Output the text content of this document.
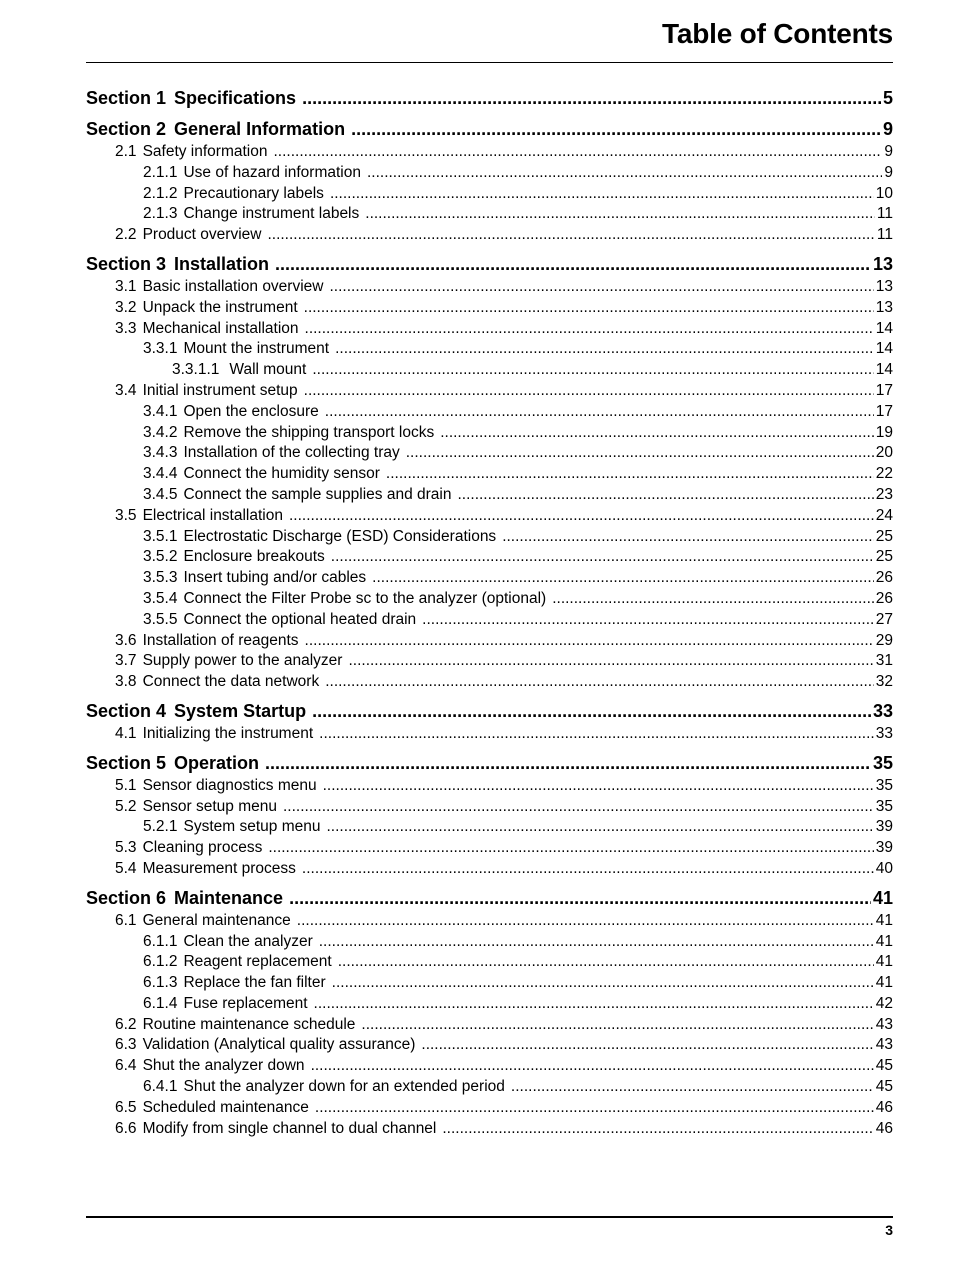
Table of Contents
Section 1 Specifications .....	5
Section 2 General Information .....	9
2.1 Safety information .....	9
2.1.1 Use of hazard information .....	9
2.1.2 Precautionary labels .....	10
2.1.3 Change instrument labels .....	11
2.2 Product overview .....	11
Section 3 Installation .....	13
3.1 Basic installation overview .....	13
3.2 Unpack the instrument .....	13
3.3 Mechanical installation .....	14
3.3.1 Mount the instrument .....	14
3.3.1.1 Wall mount .....	14
3.4 Initial instrument setup .....	17
3.4.1 Open the enclosure .....	17
3.4.2 Remove the shipping transport locks .....	19
3.4.3 Installation of the collecting tray .....	20
3.4.4 Connect the humidity sensor .....	22
3.4.5 Connect the sample supplies and drain .....	23
3.5 Electrical installation .....	24
3.5.1 Electrostatic Discharge (ESD) Considerations .....	25
3.5.2 Enclosure breakouts .....	25
3.5.3 Insert tubing and/or cables .....	26
3.5.4 Connect the Filter Probe sc to the analyzer (optional) .....	26
3.5.5 Connect the optional heated drain .....	27
3.6 Installation of reagents .....	29
3.7 Supply power to the analyzer .....	31
3.8 Connect the data network .....	32
Section 4 System Startup .....	33
4.1 Initializing the instrument .....	33
Section 5 Operation .....	35
5.1 Sensor diagnostics menu .....	35
5.2 Sensor setup menu .....	35
5.2.1 System setup menu .....	39
5.3 Cleaning process .....	39
5.4 Measurement process .....	40
Section 6 Maintenance .....	41
6.1 General maintenance .....	41
6.1.1 Clean the analyzer .....	41
6.1.2 Reagent replacement .....	41
6.1.3 Replace the fan filter .....	41
6.1.4 Fuse replacement .....	42
6.2 Routine maintenance schedule .....	43
6.3 Validation (Analytical quality assurance) .....	43
6.4 Shut the analyzer down .....	45
6.4.1 Shut the analyzer down for an extended period .....	45
6.5 Scheduled maintenance .....	46
6.6 Modify from single channel to dual channel .....	46
3
